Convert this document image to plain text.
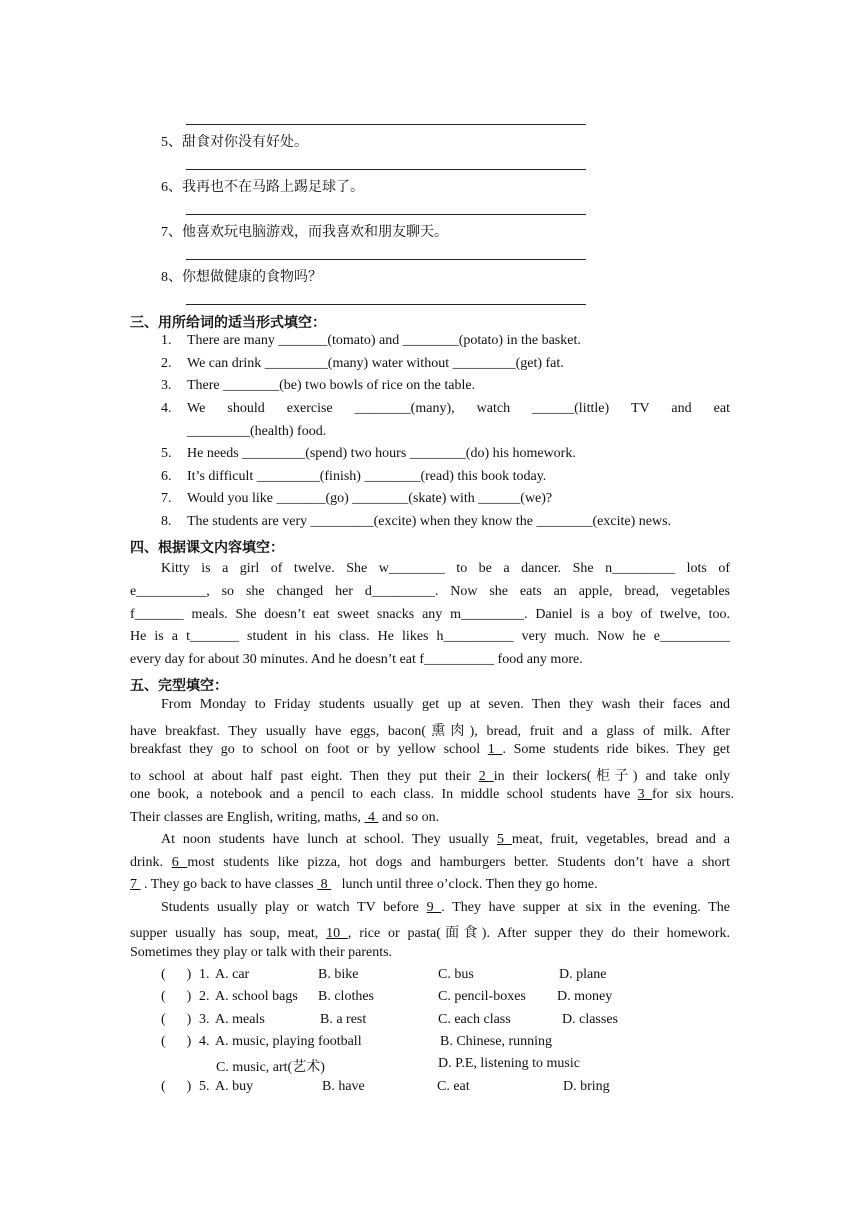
5、甜食对你没有好处。
6、我再也不在马路上踢足球了。
7、他喜欢玩电脑游戏，而我喜欢和朋友聊天。
8、你想做健康的食物吗？
三、用所给词的适当形式填空：
1. There are many _______(tomato) and ________(potato) in the basket.
2. We can drink _________(many) water without _________(get) fat.
3. There ________(be) two bowls of rice on the table.
4. We should exercise ________(many), watch ______(little) TV and eat
_________(health) food.
5. He needs _________(spend) two hours ________(do) his homework.
6. It’s difficult _________(finish) ________(read) this book today.
7. Would you like _______(go) ________(skate) with ______(we)?
8. The students are very _________(excite) when they know the ________(excite) news.
四、根据课文内容填空：
Kitty is a girl of twelve. She w________ to be a dancer. She n_________ lots of
e__________, so she changed her d_________. Now she eats an apple, bread, vegetables
f_______ meals. She doesn’t eat sweet snacks any m_________. Daniel is a boy of twelve, too.
He is a t_______ student in his class. He likes h__________ very much. Now he e__________
every day for about 30 minutes. And he doesn’t eat f__________ food any more.
五、完型填空：
From Monday to Friday students usually get up at seven. Then they wash their faces and
have breakfast. They usually have eggs, bacon(熏肉), bread, fruit and a glass of milk. After
breakfast they go to school on foot or by yellow school 1 . Some students ride bikes. They get
to school at about half past eight. Then they put their 2 in their lockers(柜子) and take only
one book, a notebook and a pencil to each class. In middle school students have 3 for six hours.
Their classes are English, writing, maths,  4  and so on.
At noon students have lunch at school. They usually 5 meat, fruit, vegetables, bread and a
drink. 6 most students like pizza, hot dogs and hamburgers better. Students don’t have a short
7  . They go back to have classes  8    lunch until three o’clock. Then they go home.
Students usually play or watch TV before 9 . They have supper at six in the evening. The
supper usually has soup, meat, 10 , rice or pasta(面食). After supper they do their homework.
Sometimes they play or talk with their parents.
(      ) 1. A. car	B. bike	C. bus	D. plane
(      ) 2. A. school bags B. clothes	C. pencil-boxes D. money
(      ) 3. A. meals	B. a rest	C. each class	D. classes
(      ) 4. A. music, playing football	B. Chinese, running
C. music, art(艺术)	D. P.E, listening to music
(      ) 5. A. buy	B. have	C. eat	D. bring
